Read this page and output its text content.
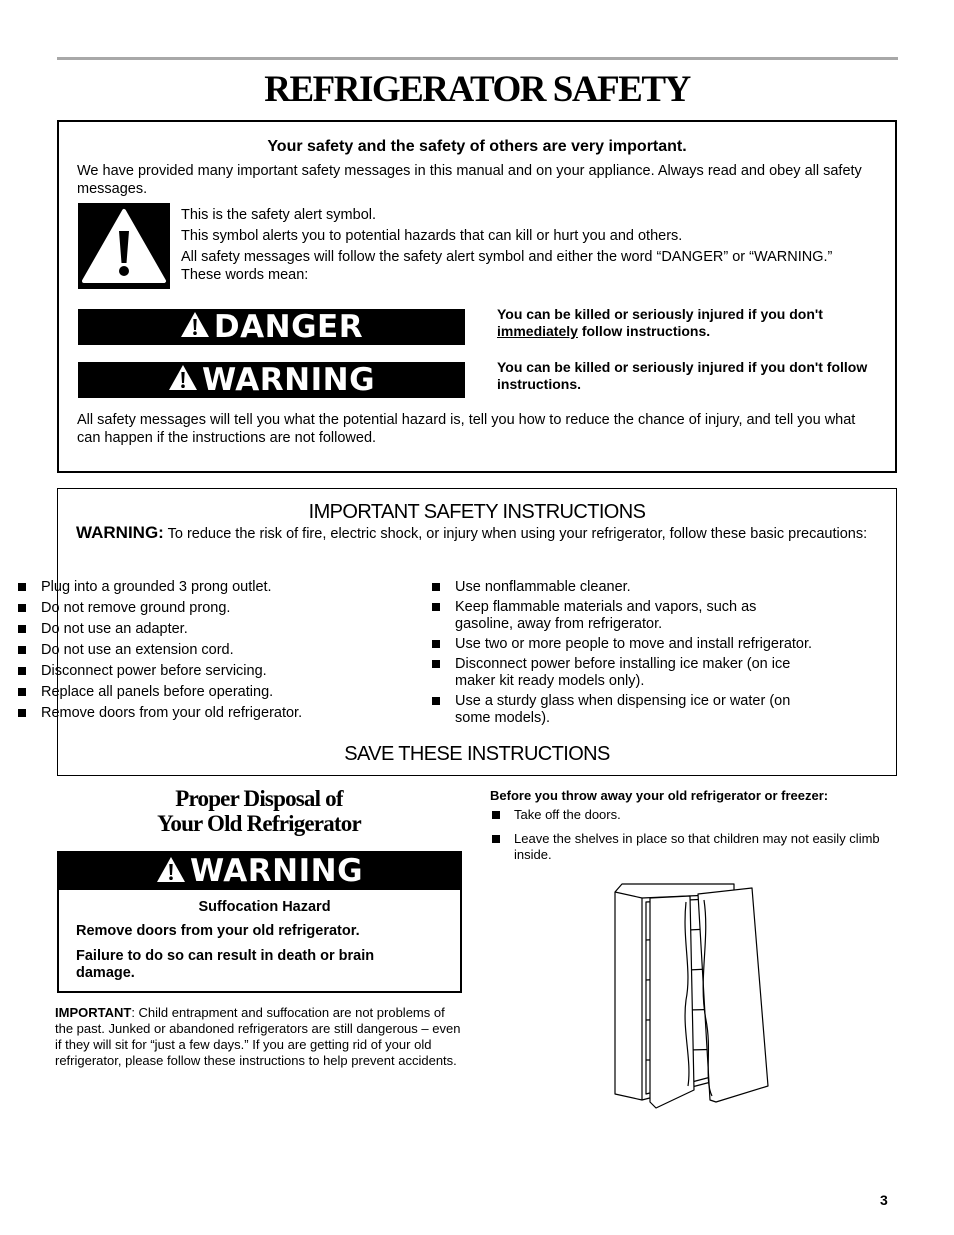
REFRIGERATOR SAFETY
Your safety and the safety of others are very important.

We have provided many important safety messages in this manual and on your appliance. Always read and obey all safety messages.

This is the safety alert symbol.

This symbol alerts you to potential hazards that can kill or hurt you and others.

All safety messages will follow the safety alert symbol and either the word “DANGER” or “WARNING.” These words mean:

DANGER	You can be killed or seriously injured if you don't immediately follow instructions.

WARNING	You can be killed or seriously injured if you don't follow instructions.

All safety messages will tell you what the potential hazard is, tell you how to reduce the chance of injury, and tell you what can happen if the instructions are not followed.

IMPORTANT SAFETY INSTRUCTIONS

WARNING: To reduce the risk of fire, electric shock, or injury when using your refrigerator, follow these basic precautions:

SAVE THESE INSTRUCTIONS
Plug into a grounded 3 prong outlet.
Do not remove ground prong.
Do not use an adapter.
Do not use an extension cord.
Disconnect power before servicing.
Replace all panels before operating.
Remove doors from your old refrigerator.
Use nonflammable cleaner.
Keep flammable materials and vapors, such as gasoline, away from refrigerator.
Use two or more people to move and install refrigerator.
Disconnect power before installing ice maker (on ice maker kit ready models only).
Use a sturdy glass when dispensing ice or water (on some models).
Proper Disposal of
Your Old Refrigerator
WARNING
Suffocation Hazard
Remove doors from your old refrigerator.
Failure to do so can result in death or brain damage.

IMPORTANT: Child entrapment and suffocation are not problems of the past. Junked or abandoned refrigerators are still dangerous – even if they will sit for “just a few days.” If you are getting rid of your old refrigerator, please follow these instructions to help prevent accidents.

Before you throw away your old refrigerator or freezer:
Take off the doors.
Leave the shelves in place so that children may not easily climb inside.
3
